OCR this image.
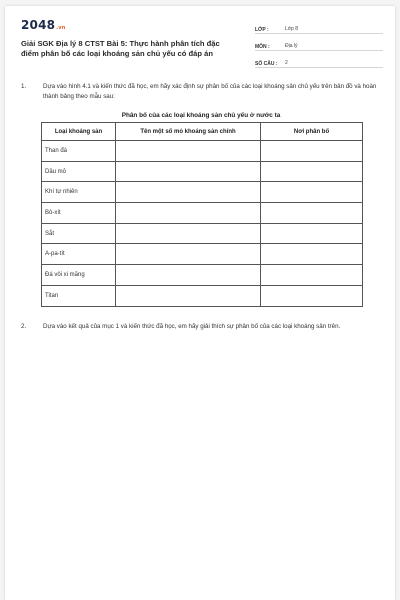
2048.vn
Giải SGK Địa lý 8 CTST Bài 5: Thực hành phân tích đặc điểm phân bố các loại khoáng sản chủ yếu có đáp án
LỚP :	Lớp 8
MÔN :	Địa lý
SỐ CÂU :	2
1.	Dựa vào hình 4.1 và kiến thức đã học, em hãy xác định sự phân bố của các loại khoáng sản chủ yếu trên bản đồ và hoàn thành bảng theo mẫu sau:
Phân bố của các loại khoáng sản chủ yếu ở nước ta
Loại khoáng sản	Tên một số mỏ khoáng sản chính	Nơi phân bố
Than đá		
Dầu mỏ		
Khí tự nhiên		
Bô-xít		
Sắt		
A-pa-tít		
Đá vôi xi măng		
Titan		
2.	Dựa vào kết quả của mục 1 và kiến thức đã học, em hãy giải thích sự phân bố của các loại khoáng sản trên.
